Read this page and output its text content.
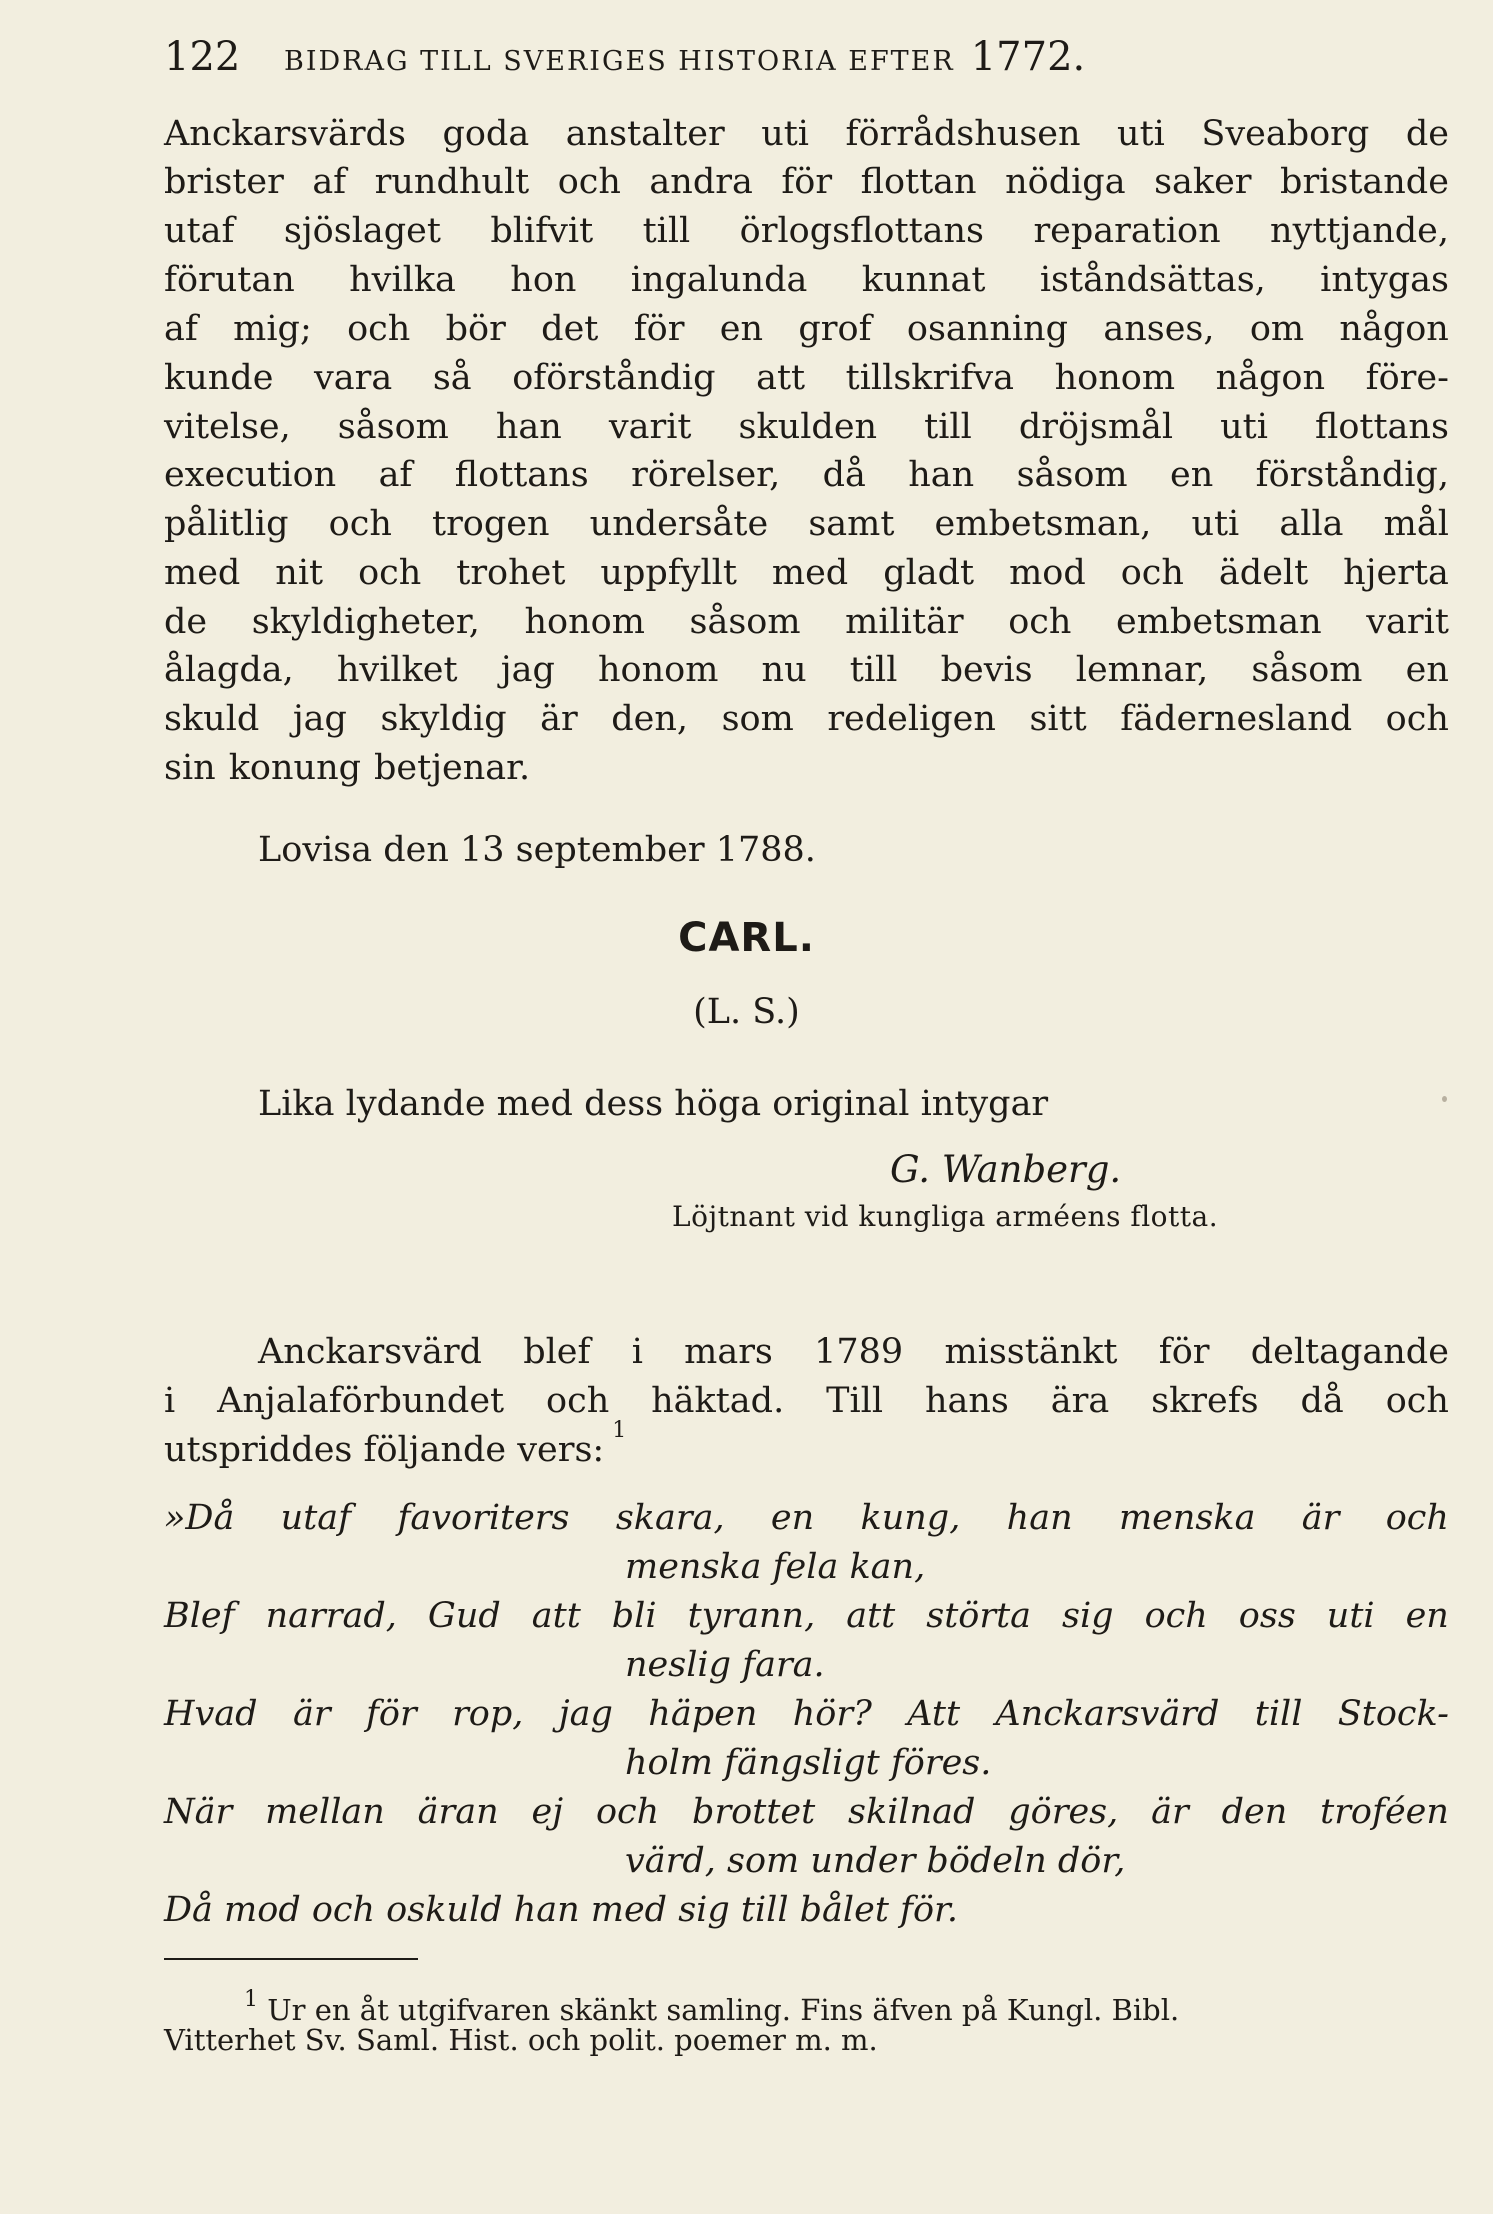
122	BIDRAG TILL SVERIGES HISTORIA EFTER 1772.
Anckarsvärds goda anstalter uti förrådshusen uti Sveaborg de
brister af rundhult och andra för flottan nödiga saker bristande
utaf sjöslaget blifvit till örlogsflottans reparation nyttjande,
förutan hvilka hon ingalunda kunnat iståndsättas, intygas
af mig; och bör det för en grof osanning anses, om någon
kunde vara så oförståndig att tillskrifva honom någon före-
vitelse, såsom han varit skulden till dröjsmål uti flottans
execution af flottans rörelser, då han såsom en förståndig,
pålitlig och trogen undersåte samt embetsman, uti alla mål
med nit och trohet uppfyllt med gladt mod och ädelt hjerta
de skyldigheter, honom såsom militär och embetsman varit
ålagda, hvilket jag honom nu till bevis lemnar, såsom en
skuld jag skyldig är den, som redeligen sitt fädernesland och
sin konung betjenar.
Lovisa den 13 september 1788.
CARL.
(L. S.)
Lika lydande med dess höga original intygar
G. Wanberg.
Löjtnant vid kungliga arméens flotta.
Anckarsvärd blef i mars 1789 misstänkt för deltagande
i Anjalaförbundet och häktad. Till hans ära skrefs då och
utspriddes följande vers: 1
»Då utaf favoriters skara, en kung, han menska är och
menska fela kan,
Blef narrad, Gud att bli tyrann, att störta sig och oss uti en
neslig fara.
Hvad är för rop, jag häpen hör? Att Anckarsvärd till Stock-
holm fängsligt föres.
När mellan äran ej och brottet skilnad göres, är den troféen
värd, som under bödeln dör,
Då mod och oskuld han med sig till bålet för.
$^1$ Ur en åt utgifvaren skänkt samling. Fins äfven på Kungl. Bibl.
Vitterhet Sv. Saml. Hist. och polit. poemer m. m.
